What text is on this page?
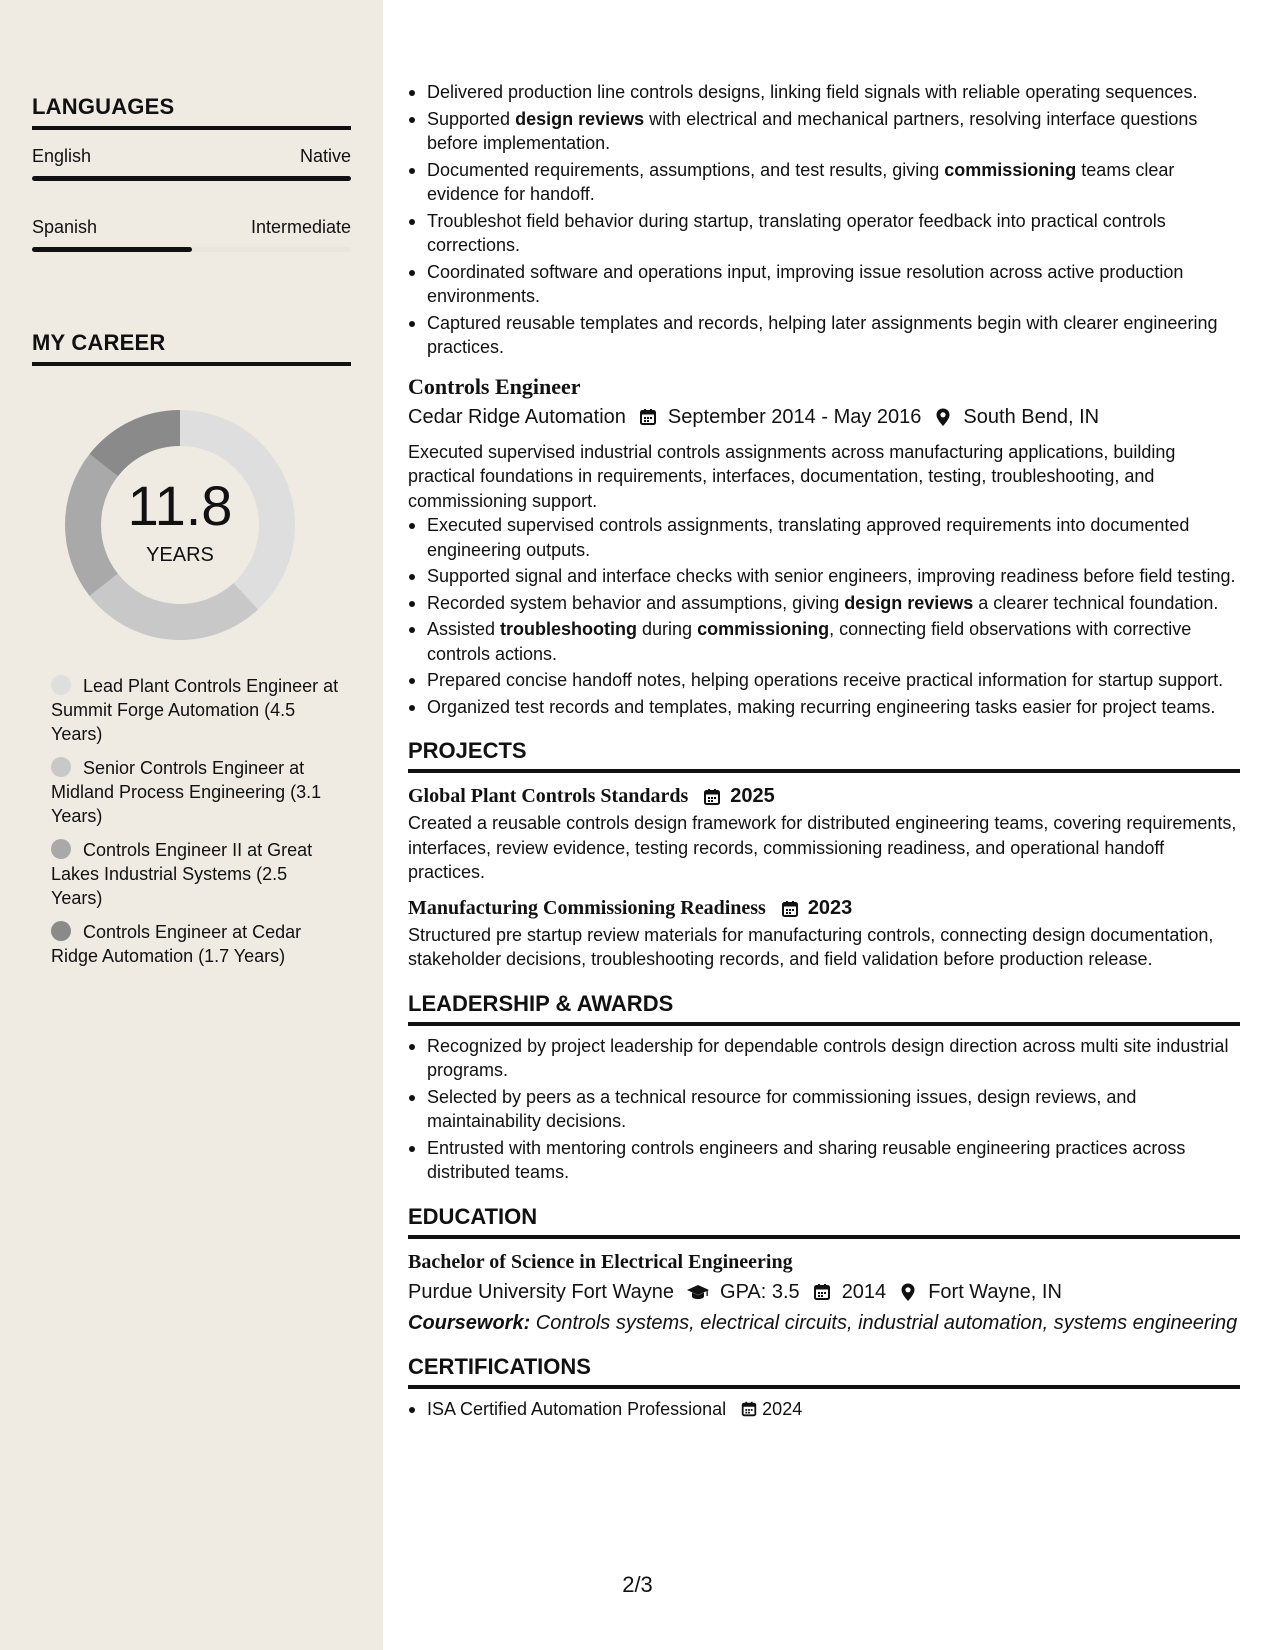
LANGUAGES
English	Native
Spanish	Intermediate
MY CAREER
11.8
YEARS
Lead Plant Controls Engineer at Summit Forge Automation (4.5 Years)
Senior Controls Engineer at Midland Process Engineering (3.1 Years)
Controls Engineer II at Great Lakes Industrial Systems (2.5 Years)
Controls Engineer at Cedar Ridge Automation (1.7 Years)
Delivered production line controls designs, linking field signals with reliable operating sequences.
Supported design reviews with electrical and mechanical partners, resolving interface questions before implementation.
Documented requirements, assumptions, and test results, giving commissioning teams clear evidence for handoff.
Troubleshot field behavior during startup, translating operator feedback into practical controls corrections.
Coordinated software and operations input, improving issue resolution across active production environments.
Captured reusable templates and records, helping later assignments begin with clearer engineering practices.
Controls Engineer
Cedar Ridge Automation September 2014 - May 2016 South Bend, IN
Executed supervised industrial controls assignments across manufacturing applications, building practical foundations in requirements, interfaces, documentation, testing, troubleshooting, and commissioning support.
Executed supervised controls assignments, translating approved requirements into documented engineering outputs.
Supported signal and interface checks with senior engineers, improving readiness before field testing.
Recorded system behavior and assumptions, giving design reviews a clearer technical foundation.
Assisted troubleshooting during commissioning, connecting field observations with corrective controls actions.
Prepared concise handoff notes, helping operations receive practical information for startup support.
Organized test records and templates, making recurring engineering tasks easier for project teams.
PROJECTS
Global Plant Controls Standards 2025
Created a reusable controls design framework for distributed engineering teams, covering requirements, interfaces, review evidence, testing records, commissioning readiness, and operational handoff practices.
Manufacturing Commissioning Readiness 2023
Structured pre startup review materials for manufacturing controls, connecting design documentation, stakeholder decisions, troubleshooting records, and field validation before production release.
LEADERSHIP & AWARDS
Recognized by project leadership for dependable controls design direction across multi site industrial programs.
Selected by peers as a technical resource for commissioning issues, design reviews, and maintainability decisions.
Entrusted with mentoring controls engineers and sharing reusable engineering practices across distributed teams.
EDUCATION
Bachelor of Science in Electrical Engineering
Purdue University Fort Wayne GPA: 3.5 2014 Fort Wayne, IN
Coursework: Controls systems, electrical circuits, industrial automation, systems engineering
CERTIFICATIONS
ISA Certified Automation Professional 2024
2/3
